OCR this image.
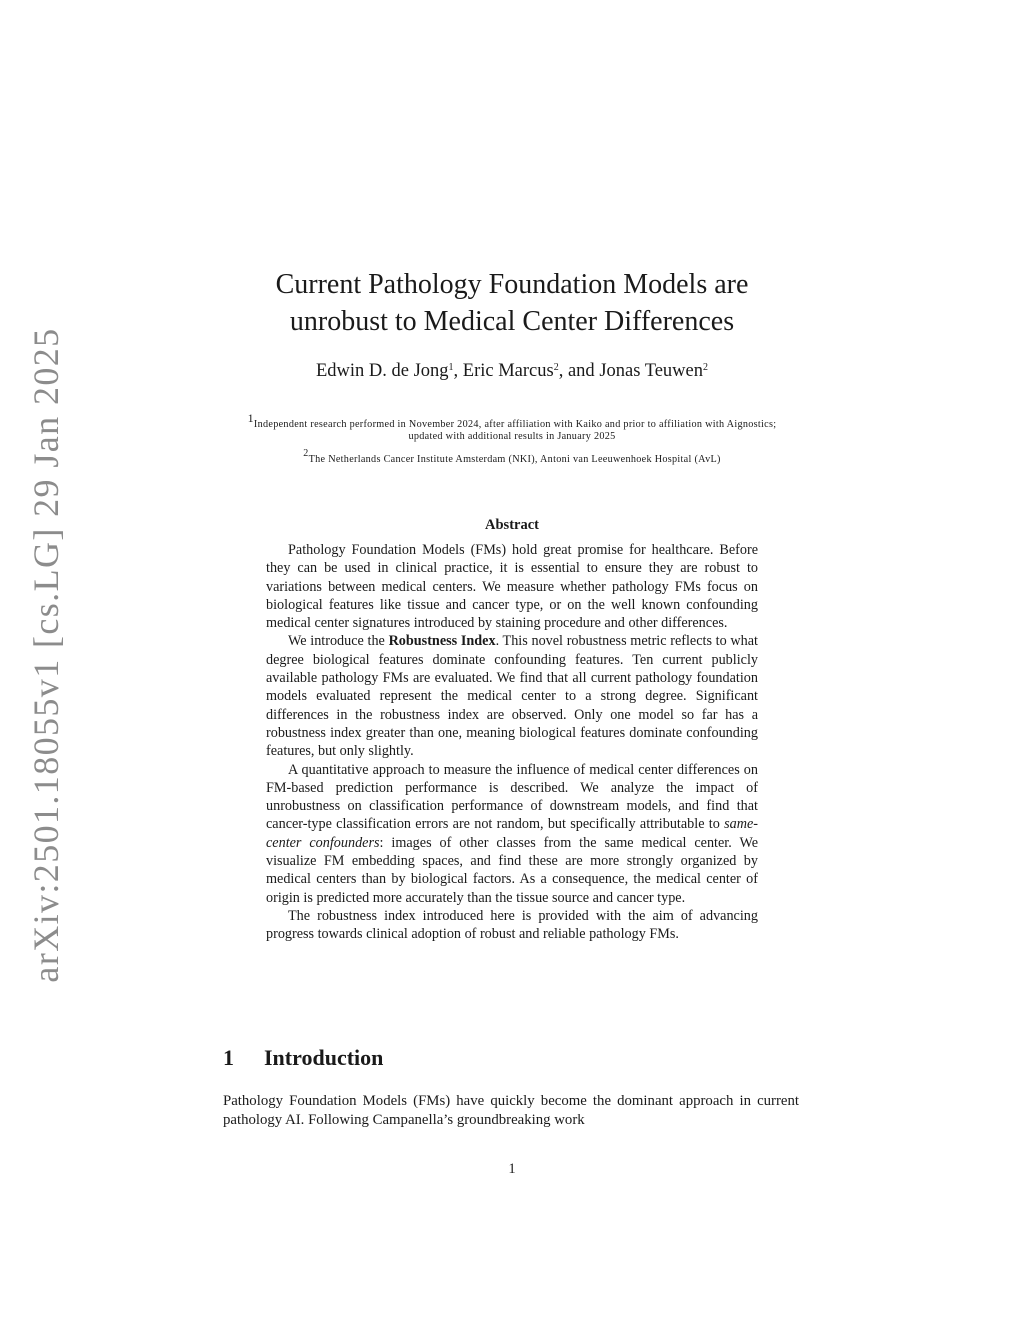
arXiv:2501.18055v1 [cs.LG] 29 Jan 2025
Current Pathology Foundation Models are
unrobust to Medical Center Differences
Edwin D. de Jong$^1$, Eric Marcus$^2$, and Jonas Teuwen$^2$
1Independent research performed in November 2024, after affiliation with Kaiko and prior to affiliation with Aignostics; updated with additional results in January 2025
$^2$The Netherlands Cancer Institute Amsterdam (NKI), Antoni van Leeuwenhoek Hospital (AvL)
Abstract

Pathology Foundation Models (FMs) hold great promise for healthcare. Before they can be used in clinical practice, it is essential to ensure they are robust to variations between medical centers. We measure whether pathology FMs focus on biological features like tissue and cancer type, or on the well known confounding medical center signatures introduced by staining procedure and other differences.

We introduce the Robustness Index. This novel robustness metric reflects to what degree biological features dominate confounding features. Ten current publicly available pathology FMs are evaluated. We find that all current pathology foundation models evaluated represent the medical center to a strong degree. Significant differences in the robustness index are observed. Only one model so far has a robustness index greater than one, meaning biological features dominate confounding features, but only slightly.

A quantitative approach to measure the influence of medical center differences on FM-based prediction performance is described. We analyze the impact of unrobustness on classification performance of downstream models, and find that cancer-type classification errors are not random, but specifically attributable to same-center confounders: images of other classes from the same medical center. We visualize FM embedding spaces, and find these are more strongly organized by medical centers than by biological factors. As a consequence, the medical center of origin is predicted more accurately than the tissue source and cancer type.

The robustness index introduced here is provided with the aim of advancing progress towards clinical adoption of robust and reliable pathology FMs.

1 Introduction

Pathology Foundation Models (FMs) have quickly become the dominant approach in current pathology AI. Following Campanella’s groundbreaking work

1
